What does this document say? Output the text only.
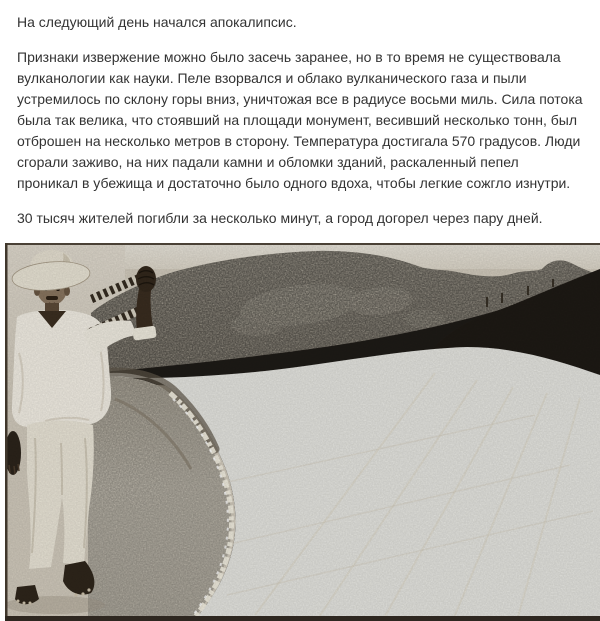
На следующий день начался апокалипсис.

Признаки извержение можно было засечь заранее, но в то время не существовала вулканологии как науки. Пеле взорвался и облако вулканического газа и пыли устремилось по склону горы вниз, уничтожая все в радиусе восьми миль. Сила потока была так велика, что стоявший на площади монумент, весивший несколько тонн, был отброшен на несколько метров в сторону. Температура достигала 570 градусов. Люди сгорали заживо, на них падали камни и обломки зданий, раскаленный пепел проникал в убежища и достаточно было одного вдоха, чтобы легкие сожгло изнутри.

30 тысяч жителей погибли за несколько минут, а город догорел через пару дней.
